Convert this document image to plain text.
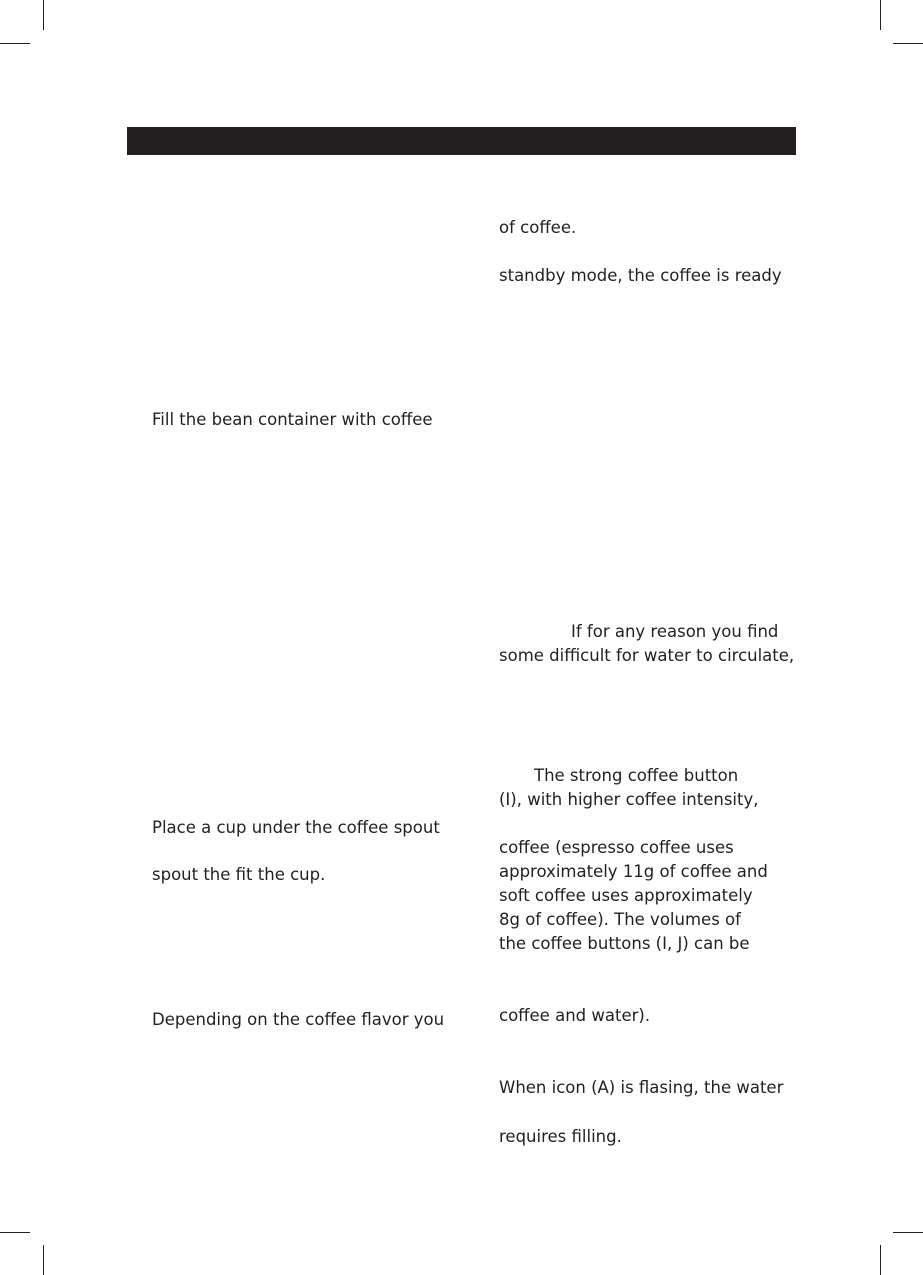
Fill the bean container with coffee
Place a cup under the coffee spout
spout the fit the cup.
Depending on the coffee flavor you
of coffee.
standby mode, the coffee is ready
If for any reason you find
some difficult for water to circulate,
The strong coffee button
(I), with higher coffee intensity,
coffee (espresso coffee uses
approximately 11g of coffee and
soft coffee uses approximately
8g of coffee). The volumes of
the coffee buttons (I, J) can be
coffee and water).
When icon (A) is flasing, the water
requires filling.
